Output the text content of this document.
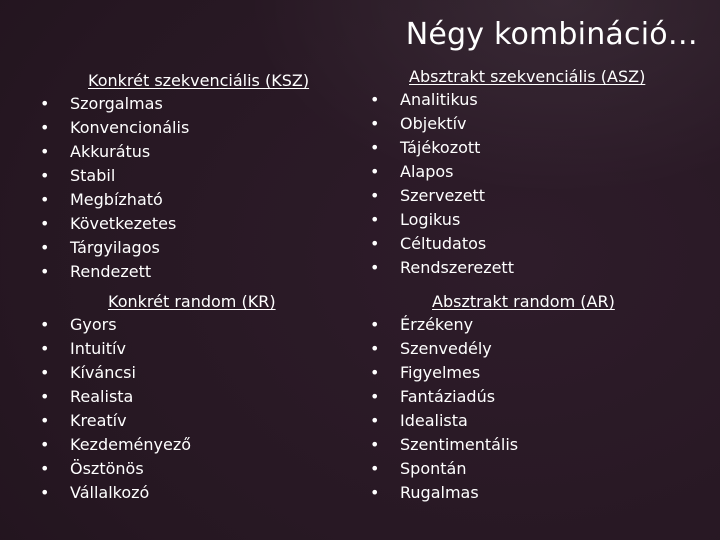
Négy kombináció…
Konkrét szekvenciális (KSZ)
• Szorgalmas
• Konvencionális
• Akkurátus
• Stabil
• Megbízható
• Következetes
• Tárgyilagos
• Rendezett
Absztrakt szekvenciális (ASZ)
• Analitikus
• Objektív
• Tájékozott
• Alapos
• Szervezett
• Logikus
• Céltudatos
• Rendszerezett
Konkrét random (KR)
• Gyors
• Intuitív
• Kíváncsi
• Realista
• Kreatív
• Kezdeményező
• Ösztönös
• Vállalkozó
Absztrakt random (AR)
• Érzékeny
• Szenvedély
• Figyelmes
• Fantáziadús
• Idealista
• Szentimentális
• Spontán
• Rugalmas
